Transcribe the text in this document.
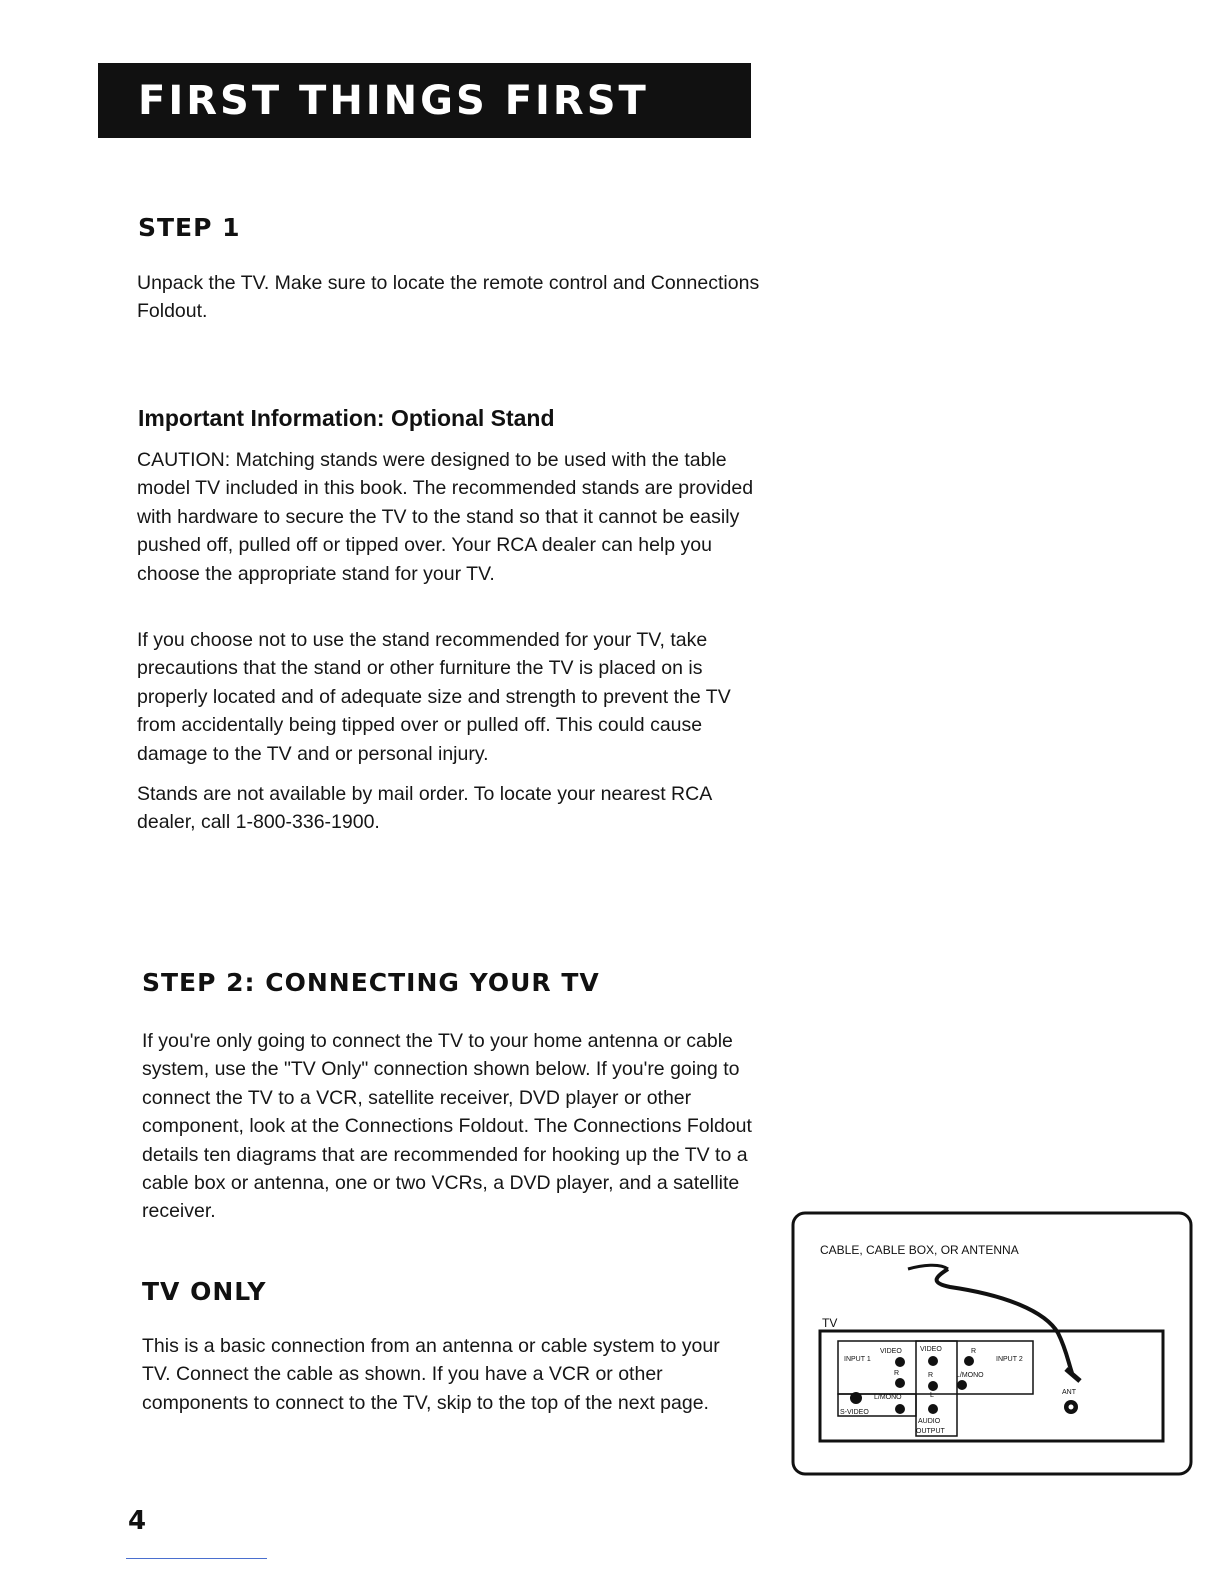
FIRST THINGS FIRST
STEP 1

Unpack the TV. Make sure to locate the remote control and Connections Foldout.

Important Information: Optional Stand

CAUTION: Matching stands were designed to be used with the table model TV included in this book. The recommended stands are provided with hardware to secure the TV to the stand so that it cannot be easily pushed off, pulled off or tipped over. Your RCA dealer can help you choose the appropriate stand for your TV.

If you choose not to use the stand recommended for your TV, take precautions that the stand or other furniture the TV is placed on is properly located and of adequate size and strength to prevent the TV from accidentally being tipped over or pulled off. This could cause damage to the TV and or personal injury.

Stands are not available by mail order. To locate your nearest RCA dealer, call 1-800-336-1900.

STEP 2: CONNECTING YOUR TV

If you're only going to connect the TV to your home antenna or cable system, use the "TV Only" connection shown below. If you're going to connect the TV to a VCR, satellite receiver, DVD player or other component, look at the Connections Foldout. The Connections Foldout details ten diagrams that are recommended for hooking up the TV to a cable box or antenna, one or two VCRs, a DVD player, and a satellite receiver.

TV ONLY

This is a basic connection from an antenna or cable system to your TV. Connect the cable as shown. If you have a VCR or other components to connect to the TV, skip to the top of the next page.

CABLE, CABLE BOX, OR ANTENNA
TV
VIDEO
INPUT 1
R
L/MONO
S-VIDEO
VIDEO
R
L
AUDIO
OUTPUT
R
L/MONO
INPUT 2
ANT
4
